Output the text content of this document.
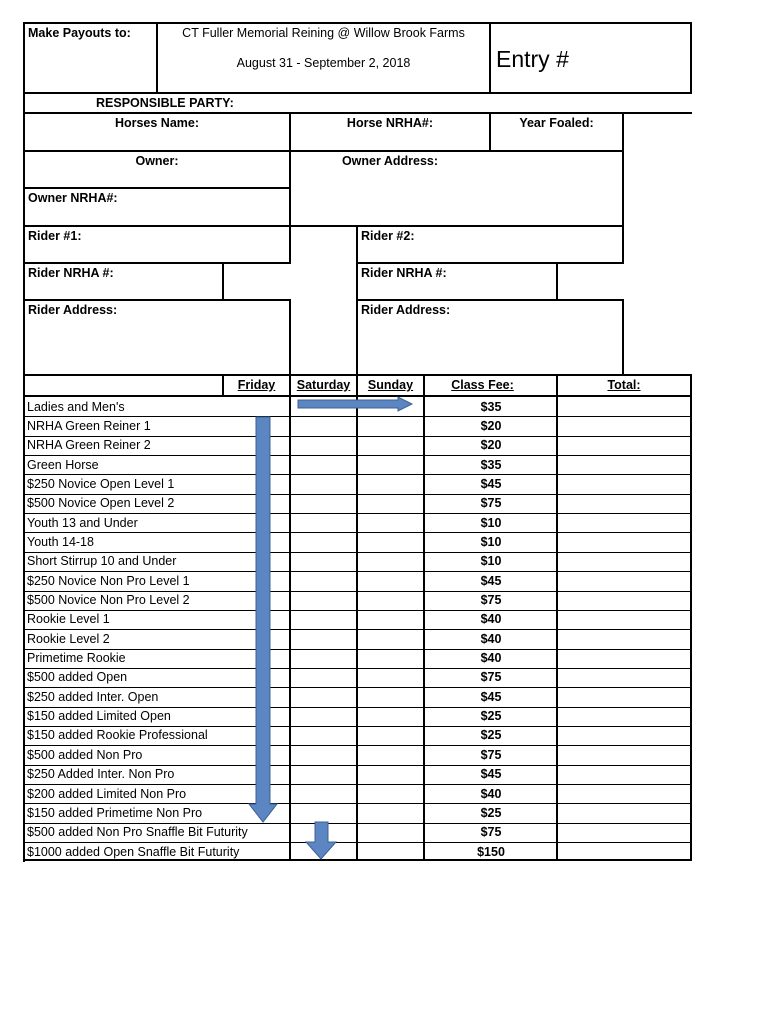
Make Payouts to:	CT Fuller Memorial Reining @ Willow Brook Farms
August 31 - September 2, 2018	Entry #
RESPONSIBLE PARTY:
Horses Name:	Horse NRHA#:	Year Foaled:
Owner:	Owner Address:
Owner NRHA#:
Rider #1:	Rider #2:
Rider NRHA #:	Rider NRHA #:
Rider Address:	Rider Address:
Friday	Saturday	Sunday	Class Fee:	Total:
Ladies and Men's	$35
NRHA Green Reiner 1	$20
NRHA Green Reiner 2	$20
Green Horse	$35
$250 Novice Open Level 1	$45
$500 Novice Open Level 2	$75
Youth 13 and Under	$10
Youth 14-18	$10
Short Stirrup 10 and Under	$10
$250 Novice Non Pro Level 1	$45
$500 Novice Non Pro Level 2	$75
Rookie Level 1	$40
Rookie Level 2	$40
Primetime Rookie	$40
$500 added Open	$75
$250 added Inter. Open	$45
$150 added Limited Open	$25
$150 added Rookie Professional	$25
$500 added Non Pro	$75
$250 Added Inter. Non Pro	$45
$200 added Limited Non Pro	$40
$150 added Primetime Non Pro	$25
$500 added Non Pro Snaffle Bit Futurity	$75
$1000 added Open Snaffle Bit Futurity	$150
